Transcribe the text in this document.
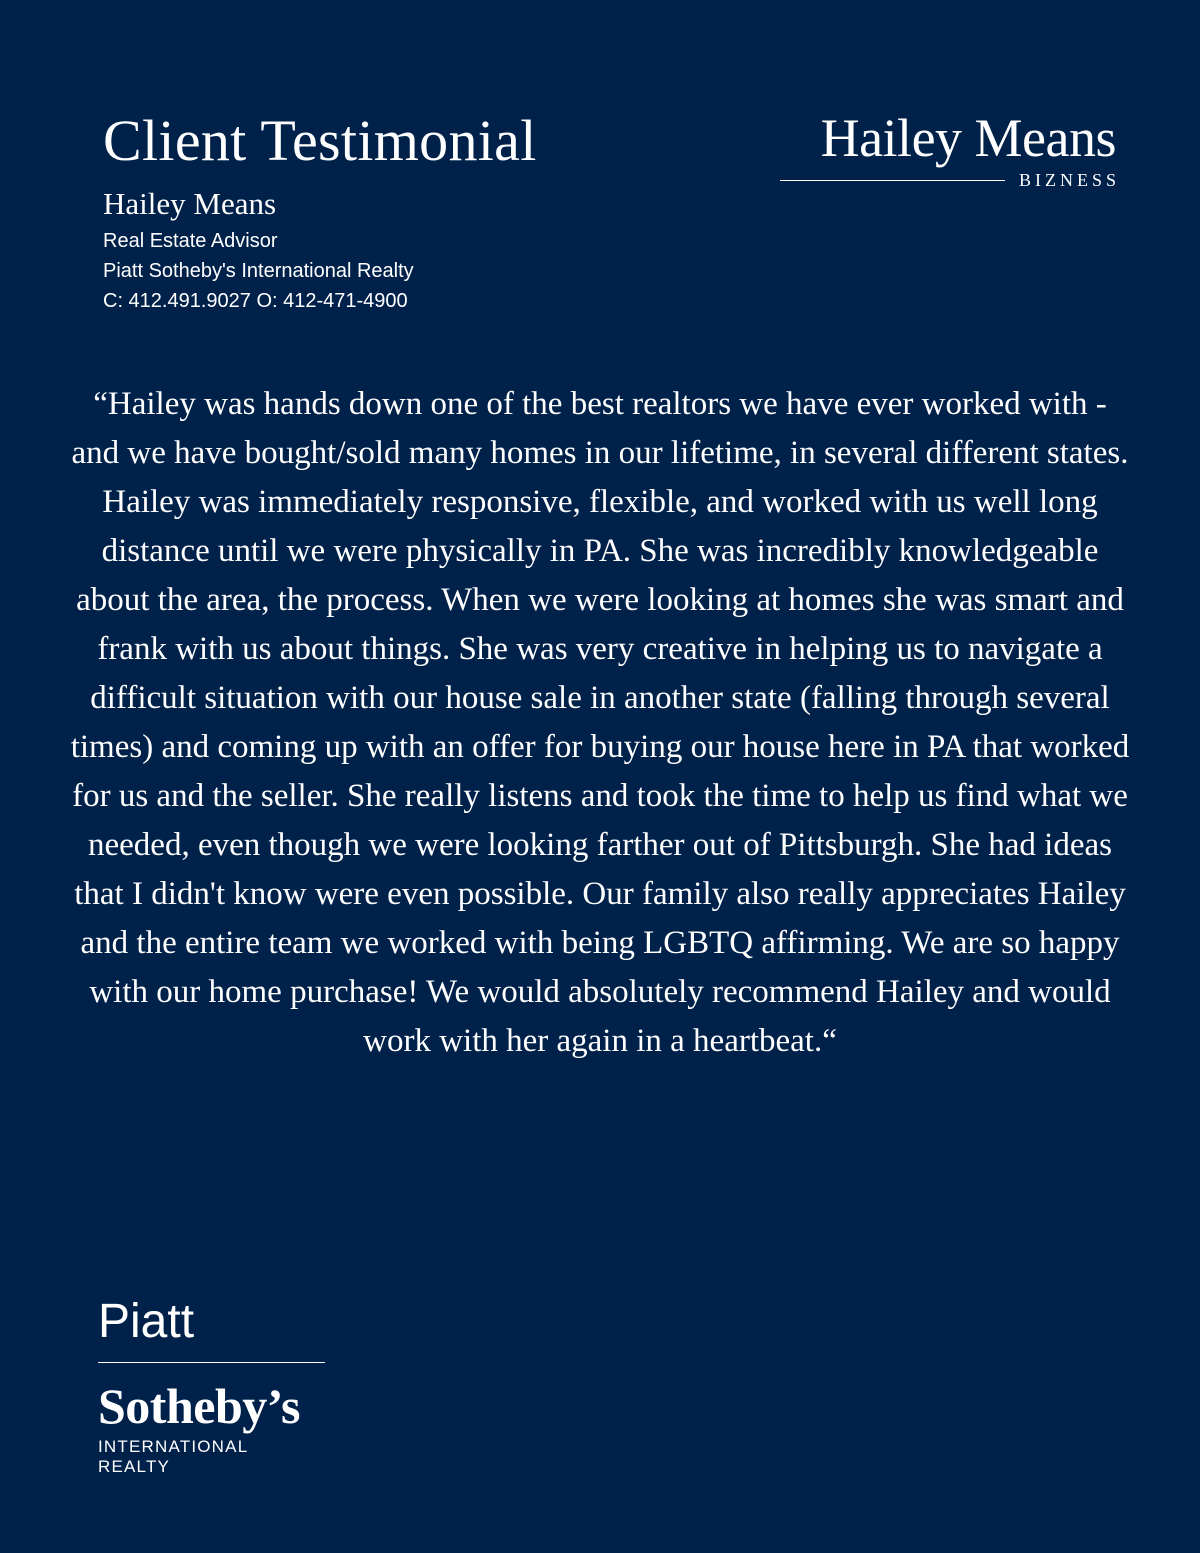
Client Testimonial
Hailey Means
Real Estate Advisor
Piatt Sotheby's International Realty
C: 412.491.9027 O: 412-471-4900
Hailey Means
BIZNESS

“Hailey was hands down one of the best realtors we have ever worked with - and we have bought/sold many homes in our lifetime, in several different states. Hailey was immediately responsive, flexible, and worked with us well long distance until we were physically in PA. She was incredibly knowledgeable about the area, the process. When we were looking at homes she was smart and frank with us about things. She was very creative in helping us to navigate a difficult situation with our house sale in another state (falling through several times) and coming up with an offer for buying our house here in PA that worked for us and the seller. She really listens and took the time to help us find what we needed, even though we were looking farther out of Pittsburgh. She had ideas that I didn't know were even possible. Our family also really appreciates Hailey and the entire team we worked with being LGBTQ affirming. We are so happy with our home purchase! We would absolutely recommend Hailey and would work with her again in a heartbeat.“

Piatt
Sotheby’s
INTERNATIONAL REALTY
